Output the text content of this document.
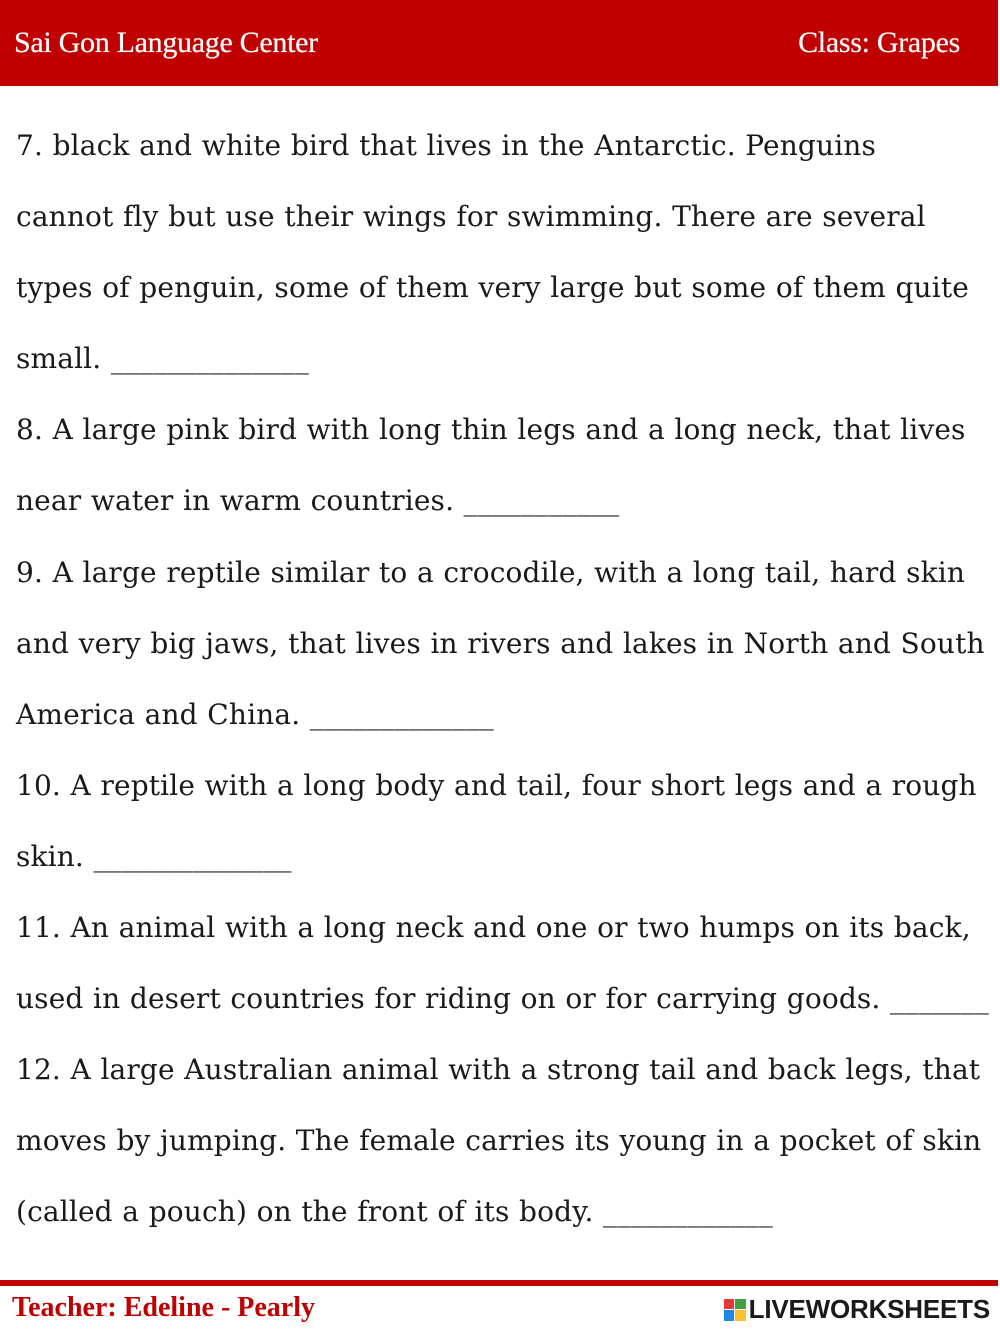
Sai Gon Language Center	Class: Grapes
7. black and white bird that lives in the Antarctic. Penguins
cannot fly but use their wings for swimming. There are several
types of penguin, some of them very large but some of them quite
small. ______________
8. A large pink bird with long thin legs and a long neck, that lives
near water in warm countries. ___________
9. A large reptile similar to a crocodile, with a long tail, hard skin
and very big jaws, that lives in rivers and lakes in North and South
America and China. _____________
10. A reptile with a long body and tail, four short legs and a rough
skin. ______________
11. An animal with a long neck and one or two humps on its back,
used in desert countries for riding on or for carrying goods. _______
12. A large Australian animal with a strong tail and back legs, that
moves by jumping. The female carries its young in a pocket of skin
(called a pouch) on the front of its body. ____________
Teacher: Edeline - Pearly	LIVEWORKSHEETS
